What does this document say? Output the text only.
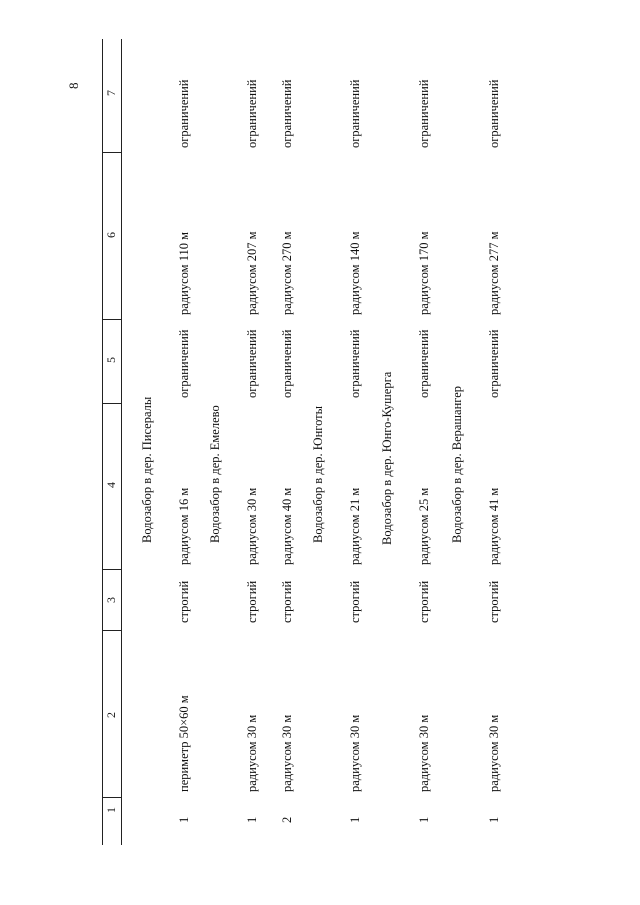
8
1
2
3
4
5
6
7
Водозабор в дер. Писералы
1
периметр 50×60 м
строгий
радиусом 16 м
ограничений
радиусом 110 м
ограничений
Водозабор в дер. Емелево
1
радиусом 30 м
строгий
радиусом 30 м
ограничений
радиусом 207 м
ограничений
2
радиусом 30 м
строгий
радиусом 40 м
ограничений
радиусом 270 м
ограничений
Водозабор в дер. Юнготы
1
радиусом 30 м
строгий
радиусом 21 м
ограничений
радиусом 140 м
ограничений
Водозабор в дер. Юнго-Кушерга
1
радиусом 30 м
строгий
радиусом 25 м
ограничений
радиусом 170 м
ограничений
Водозабор в дер. Верашангер
1
радиусом 30 м
строгий
радиусом 41 м
ограничений
радиусом 277 м
ограничений
